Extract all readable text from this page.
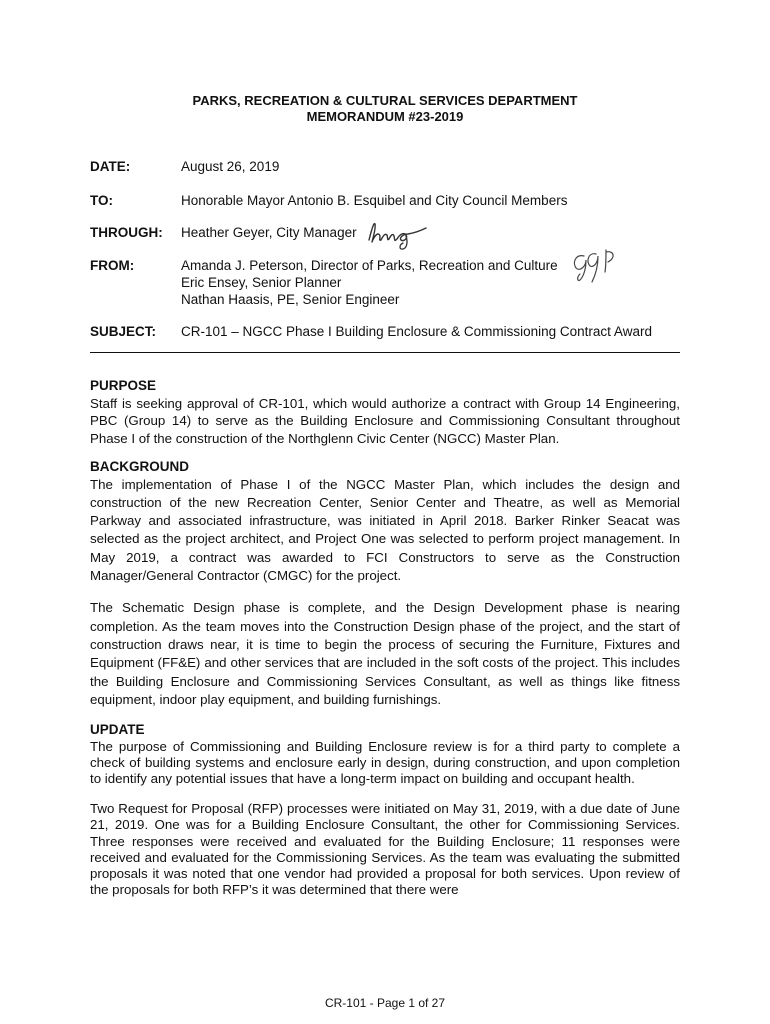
PARKS, RECREATION & CULTURAL SERVICES DEPARTMENT
MEMORANDUM #23-2019
DATE:	August 26, 2019
TO:	Honorable Mayor Antonio B. Esquibel and City Council Members
THROUGH: Heather Geyer, City Manager
FROM:	Amanda J. Peterson, Director of Parks, Recreation and Culture
Eric Ensey, Senior Planner
Nathan Haasis, PE, Senior Engineer
SUBJECT: CR-101 – NGCC Phase I Building Enclosure & Commissioning Contract Award
PURPOSE

Staff is seeking approval of CR-101, which would authorize a contract with Group 14 Engineering, PBC (Group 14) to serve as the Building Enclosure and Commissioning Consultant throughout Phase I of the construction of the Northglenn Civic Center (NGCC) Master Plan.

BACKGROUND

The implementation of Phase I of the NGCC Master Plan, which includes the design and construction of the new Recreation Center, Senior Center and Theatre, as well as Memorial Parkway and associated infrastructure, was initiated in April 2018. Barker Rinker Seacat was selected as the project architect, and Project One was selected to perform project management. In May 2019, a contract was awarded to FCI Constructors to serve as the Construction Manager/General Contractor (CMGC) for the project.

The Schematic Design phase is complete, and the Design Development phase is nearing completion. As the team moves into the Construction Design phase of the project, and the start of construction draws near, it is time to begin the process of securing the Furniture, Fixtures and Equipment (FF&E) and other services that are included in the soft costs of the project. This includes the Building Enclosure and Commissioning Services Consultant, as well as things like fitness equipment, indoor play equipment, and building furnishings.

UPDATE

The purpose of Commissioning and Building Enclosure review is for a third party to complete a check of building systems and enclosure early in design, during construction, and upon completion to identify any potential issues that have a long-term impact on building and occupant health.

Two Request for Proposal (RFP) processes were initiated on May 31, 2019, with a due date of June 21, 2019. One was for a Building Enclosure Consultant, the other for Commissioning Services. Three responses were received and evaluated for the Building Enclosure; 11 responses were received and evaluated for the Commissioning Services. As the team was evaluating the submitted proposals it was noted that one vendor had provided a proposal for both services. Upon review of the proposals for both RFP’s it was determined that there were

CR-101 - Page 1 of 27
